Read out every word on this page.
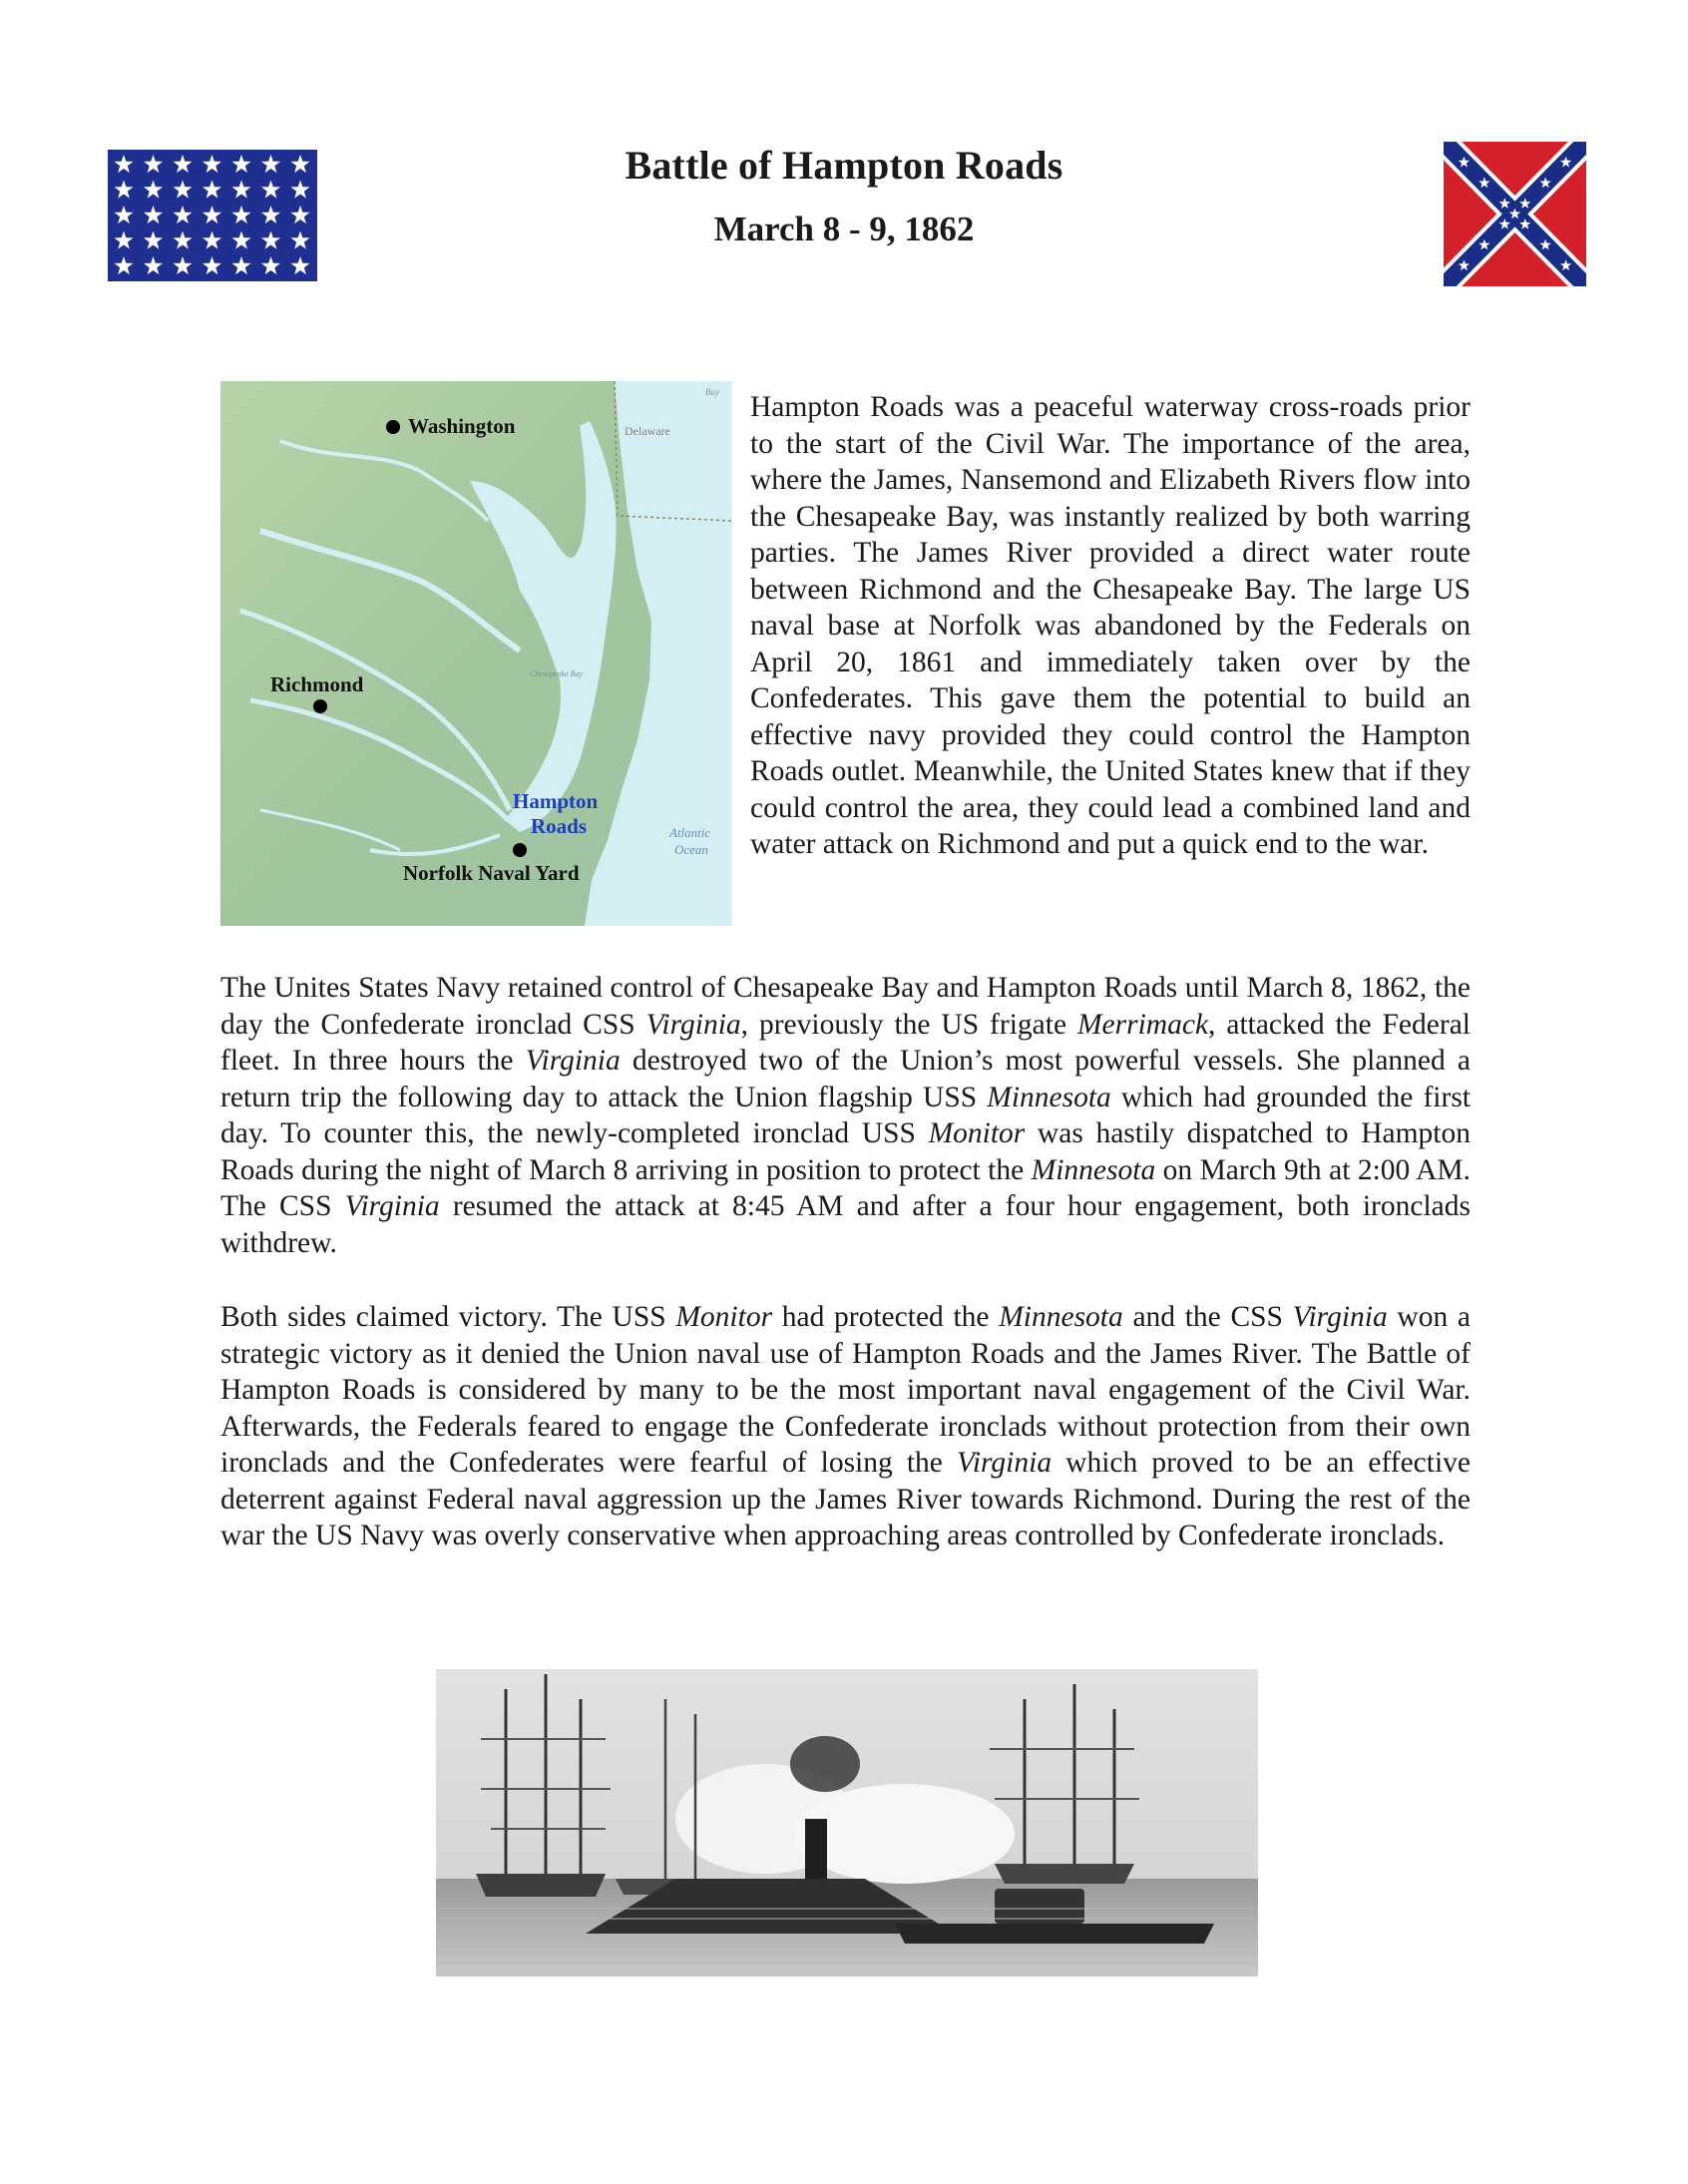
Battle of Hampton Roads
March 8 - 9, 1862
Washington	Delaware
Bay
Chesapeake Bay
Richmond
Hampton
Roads	Atlantic
Ocean
Norfolk Naval Yard

Hampton Roads was a peaceful waterway cross-roads prior to the start of the Civil War. The importance of the area, where the James, Nansemond and Elizabeth Rivers flow into the Chesapeake Bay, was instantly realized by both warring parties. The James River provided a direct water route between Richmond and the Chesapeake Bay. The large US naval base at Norfolk was abandoned by the Federals on April 20, 1861 and immediately taken over by the Confederates. This gave them the potential to build an effective navy provided they could control the Hampton Roads outlet. Meanwhile, the United States knew that if they could control the area, they could lead a combined land and water attack on Richmond and put a quick end to the war.

The Unites States Navy retained control of Chesapeake Bay and Hampton Roads until March 8, 1862, the day the Confederate ironclad CSS Virginia, previously the US frigate Merrimack, attacked the Federal fleet. In three hours the Virginia destroyed two of the Union’s most powerful vessels. She planned a return trip the following day to attack the Union flagship USS Minnesota which had grounded the first day. To counter this, the newly-completed ironclad USS Monitor was hastily dispatched to Hampton Roads during the night of March 8 arriving in position to protect the Minnesota on March 9th at 2:00 AM. The CSS Virginia resumed the attack at 8:45 AM and after a four hour engagement, both ironclads withdrew.

Both sides claimed victory. The USS Monitor had protected the Minnesota and the CSS Virginia won a strategic victory as it denied the Union naval use of Hampton Roads and the James River. The Battle of Hampton Roads is considered by many to be the most important naval engagement of the Civil War. Afterwards, the Federals feared to engage the Confederate ironclads without protection from their own ironclads and the Confederates were fearful of losing the Virginia which proved to be an effective deterrent against Federal naval aggression up the James River towards Richmond. During the rest of the war the US Navy was overly conservative when approaching areas controlled by Confederate ironclads.
